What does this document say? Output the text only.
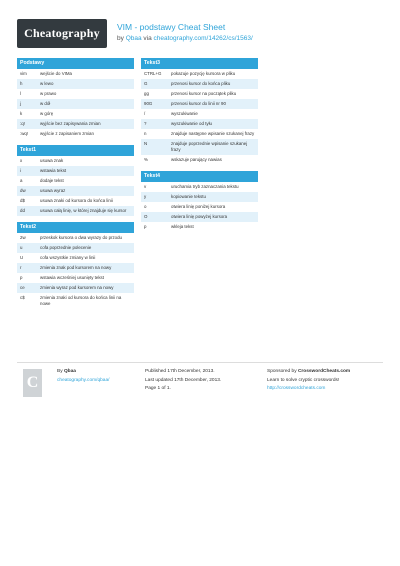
Cheatography	VIM - podstawy Cheat Sheet
by Qbaa via cheatography.com/14262/cs/1563/
Podstawy
vim	wejście do VIMa
h	w lewo
l	w prawo
j	w dół
k	w górę
:q!	wyjście bez zapisywania zmian
:wq!	wyjście z zapisaniem zmian
Tekst1
x	usuwa znak
i	wstawia tekst
a	dodaje tekst
dw	usuwa wyraz
d$	usuwa znaki od kursora do końca linii
dd	usuwa całą linię, w której znajduje się kursor
Tekst2
2w	przeskok kursora o dwa wyrazy do przodu
u	cofa poprzednie polecenie
U	cofa wszystkie zmiany w linii
r	zmienia znak pod kursorem na nowy
p	wstawia wcześniej usunięty tekst
ce	zmienia wyraz pod kursorem na nowy
c$	zmienia znaki od kursora do końca linii na nowe
Tekst3
CTRL+G	pokazuje pozycję kursora w pliku
G	przenosi kursor do końca pliku
gg	przenosi kursor na początek pliku
90G	przenosi kursor do linii nr 90
/	wyszukiwanie
?	wyszukiwanie od tyłu
n	znajduje następne wpisanie szukanej frazy
N	znajduje poprzednie wpisanie szukanej frazy
%	wskazuje parujący nawias
Tekst4
v	uruchamia tryb zaznaczania tekstu
y	kopiowanie tekstu
o	otwiera linię poniżej kursora
O	otwiera linię powyżej kursora
p	wkleja tekst
C
By Qbaa
cheatography.com/qbaa/
Published 17th December, 2013.
Last updated 17th December, 2013.
Page 1 of 1.
Sponsored by CrosswordCheats.com
Learn to solve cryptic crosswords!
http://crosswordcheats.com
